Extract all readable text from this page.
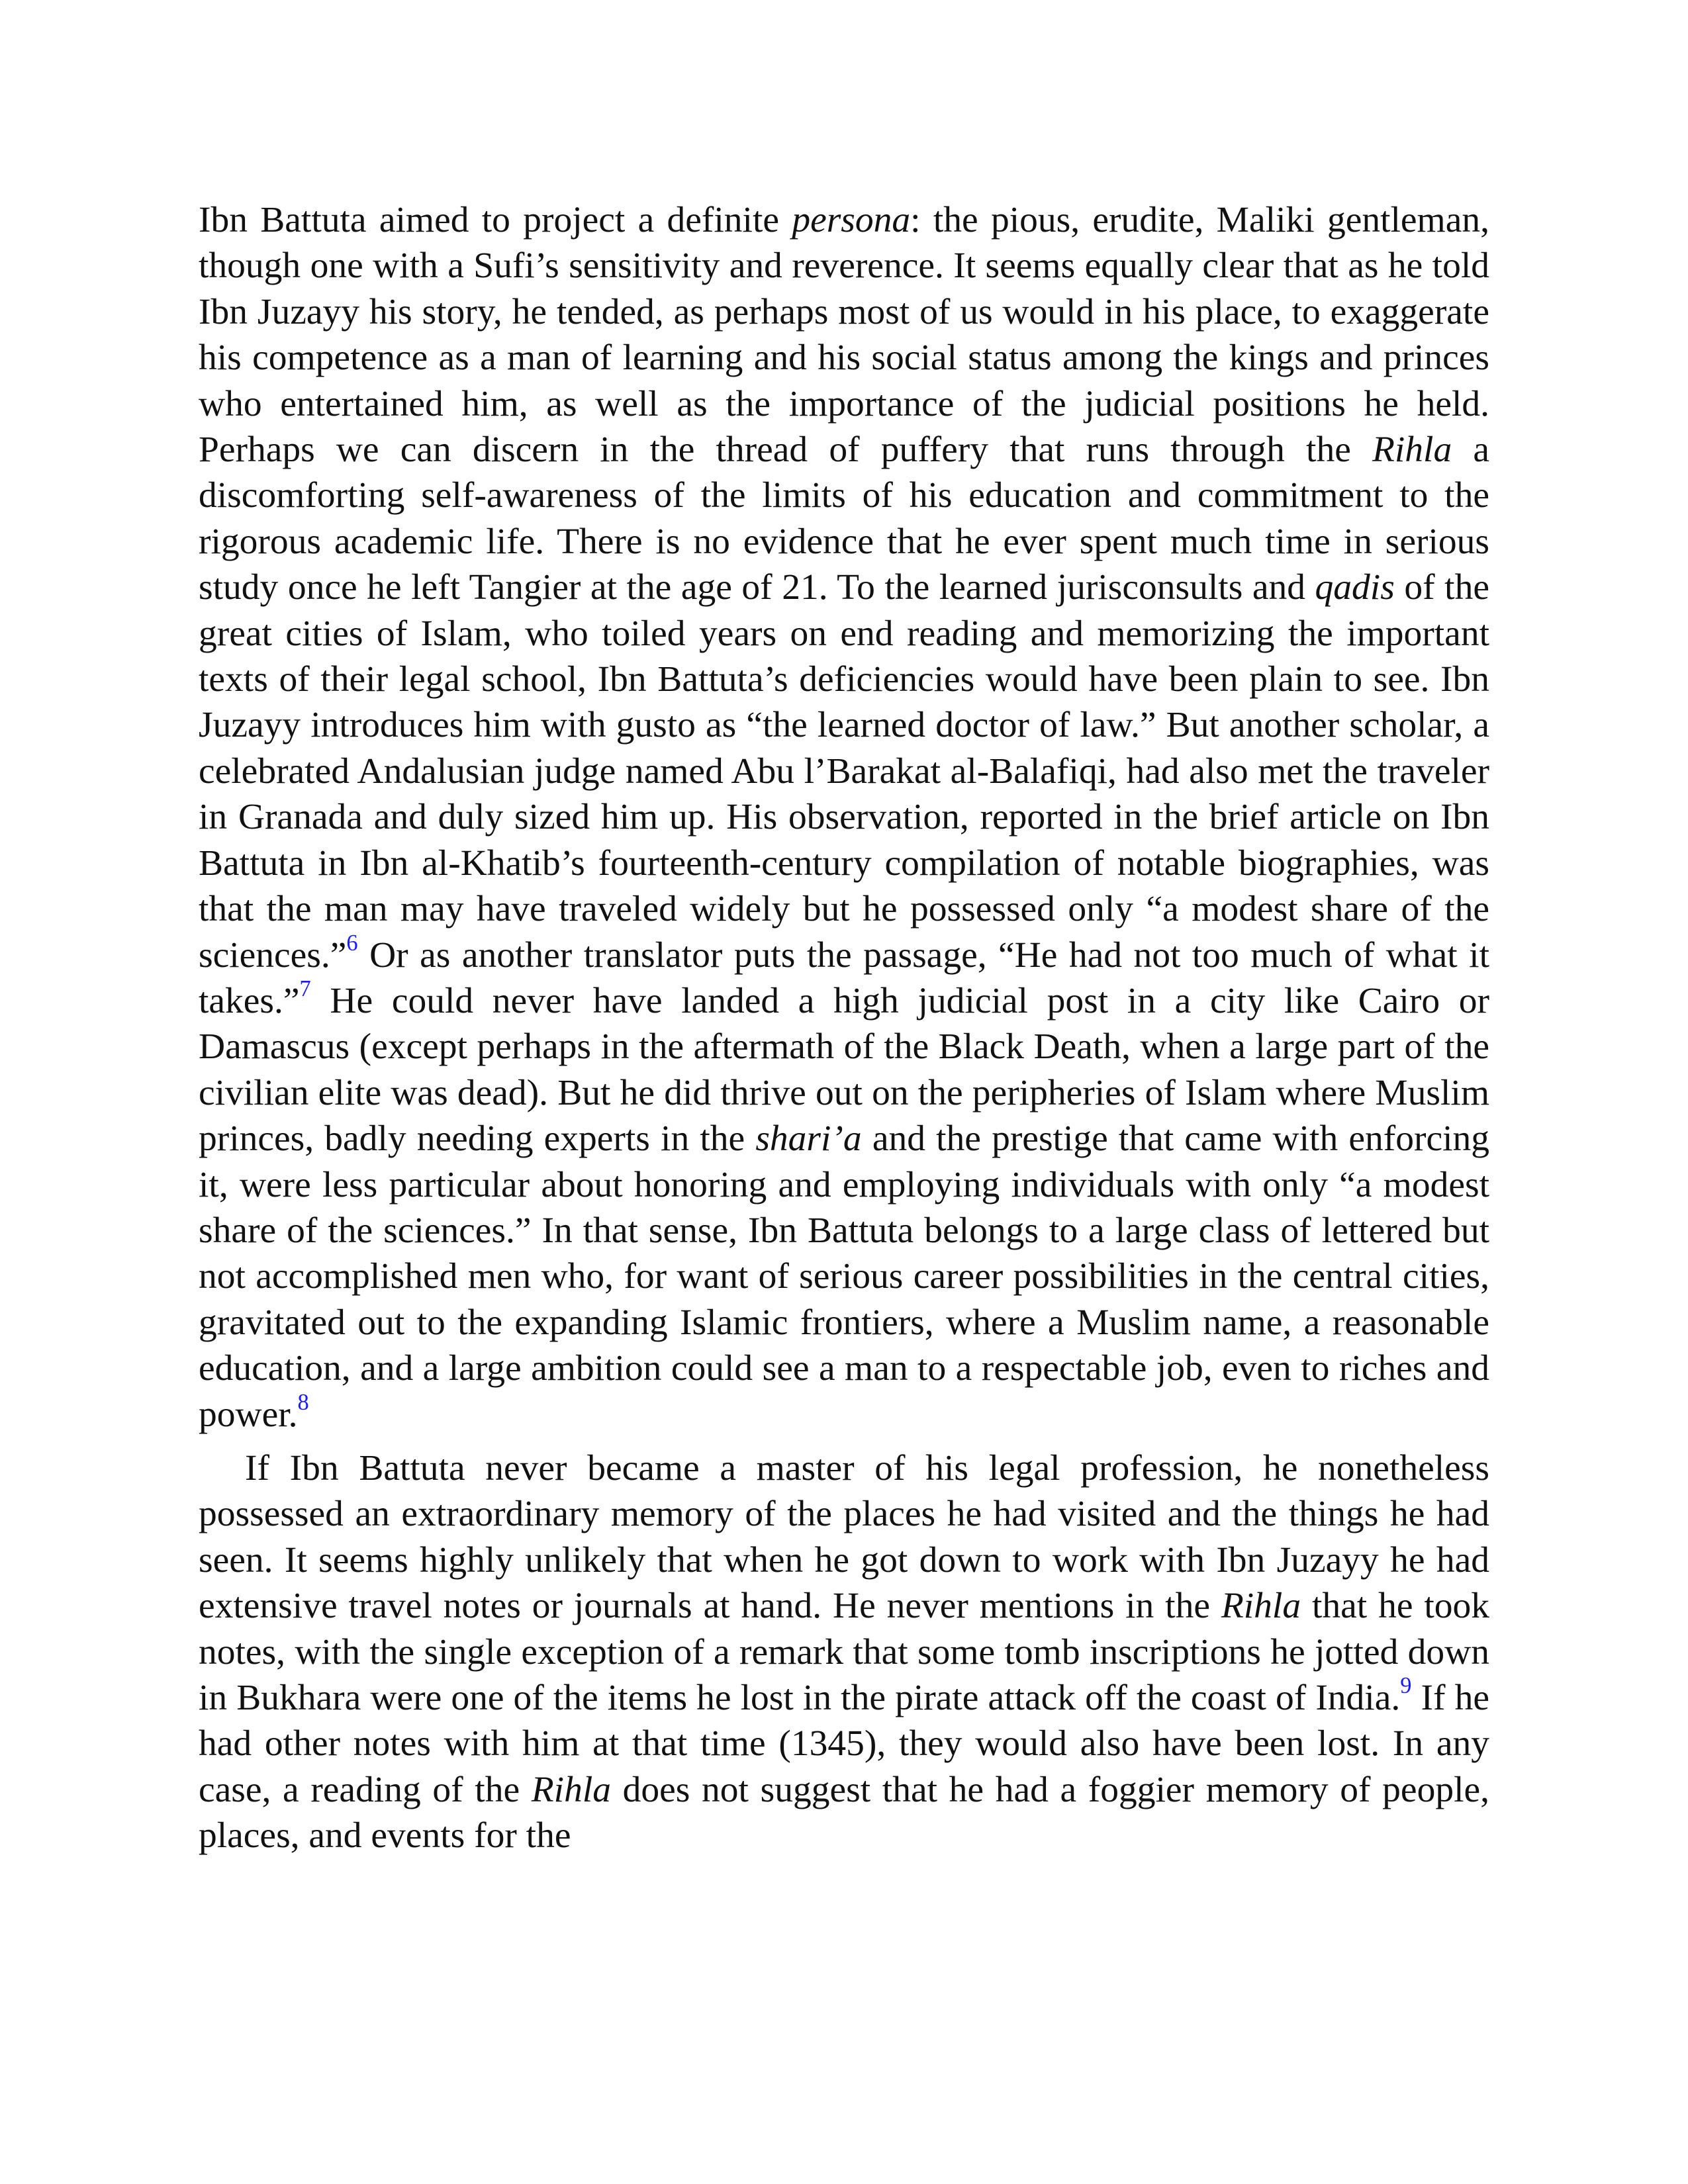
Ibn Battuta aimed to project a definite persona: the pious, erudite, Maliki gentleman, though one with a Sufi’s sensitivity and reverence. It seems equally clear that as he told Ibn Juzayy his story, he tended, as perhaps most of us would in his place, to exaggerate his competence as a man of learning and his social status among the kings and princes who entertained him, as well as the importance of the judicial positions he held. Perhaps we can discern in the thread of puffery that runs through the Rihla a discomforting self-awareness of the limits of his education and commitment to the rigorous academic life. There is no evidence that he ever spent much time in serious study once he left Tangier at the age of 21. To the learned jurisconsults and qadis of the great cities of Islam, who toiled years on end reading and memorizing the important texts of their legal school, Ibn Battuta’s deficiencies would have been plain to see. Ibn Juzayy introduces him with gusto as “the learned doctor of law.” But another scholar, a celebrated Andalusian judge named Abu l’Barakat al-Balafiqi, had also met the traveler in Granada and duly sized him up. His observation, reported in the brief article on Ibn Battuta in Ibn al-Khatib’s fourteenth-century compilation of notable biographies, was that the man may have traveled widely but he possessed only “a modest share of the sciences.”$^6$ Or as another translator puts the passage, “He had not too much of what it takes.”$^7$ He could never have landed a high judicial post in a city like Cairo or Damascus (except perhaps in the aftermath of the Black Death, when a large part of the civilian elite was dead). But he did thrive out on the peripheries of Islam where Muslim princes, badly needing experts in the shari’a and the prestige that came with enforcing it, were less particular about honoring and employing individuals with only “a modest share of the sciences.” In that sense, Ibn Battuta belongs to a large class of lettered but not accomplished men who, for want of serious career possibilities in the central cities, gravitated out to the expanding Islamic frontiers, where a Muslim name, a reasonable education, and a large ambition could see a man to a respectable job, even to riches and power.$^8$

If Ibn Battuta never became a master of his legal profession, he nonetheless possessed an extraordinary memory of the places he had visited and the things he had seen. It seems highly unlikely that when he got down to work with Ibn Juzayy he had extensive travel notes or journals at hand. He never mentions in the Rihla that he took notes, with the single exception of a remark that some tomb inscriptions he jotted down in Bukhara were one of the items he lost in the pirate attack off the coast of India.$^9$ If he had other notes with him at that time (1345), they would also have been lost. In any case, a reading of the Rihla does not suggest that he had a foggier memory of people, places, and events for the
